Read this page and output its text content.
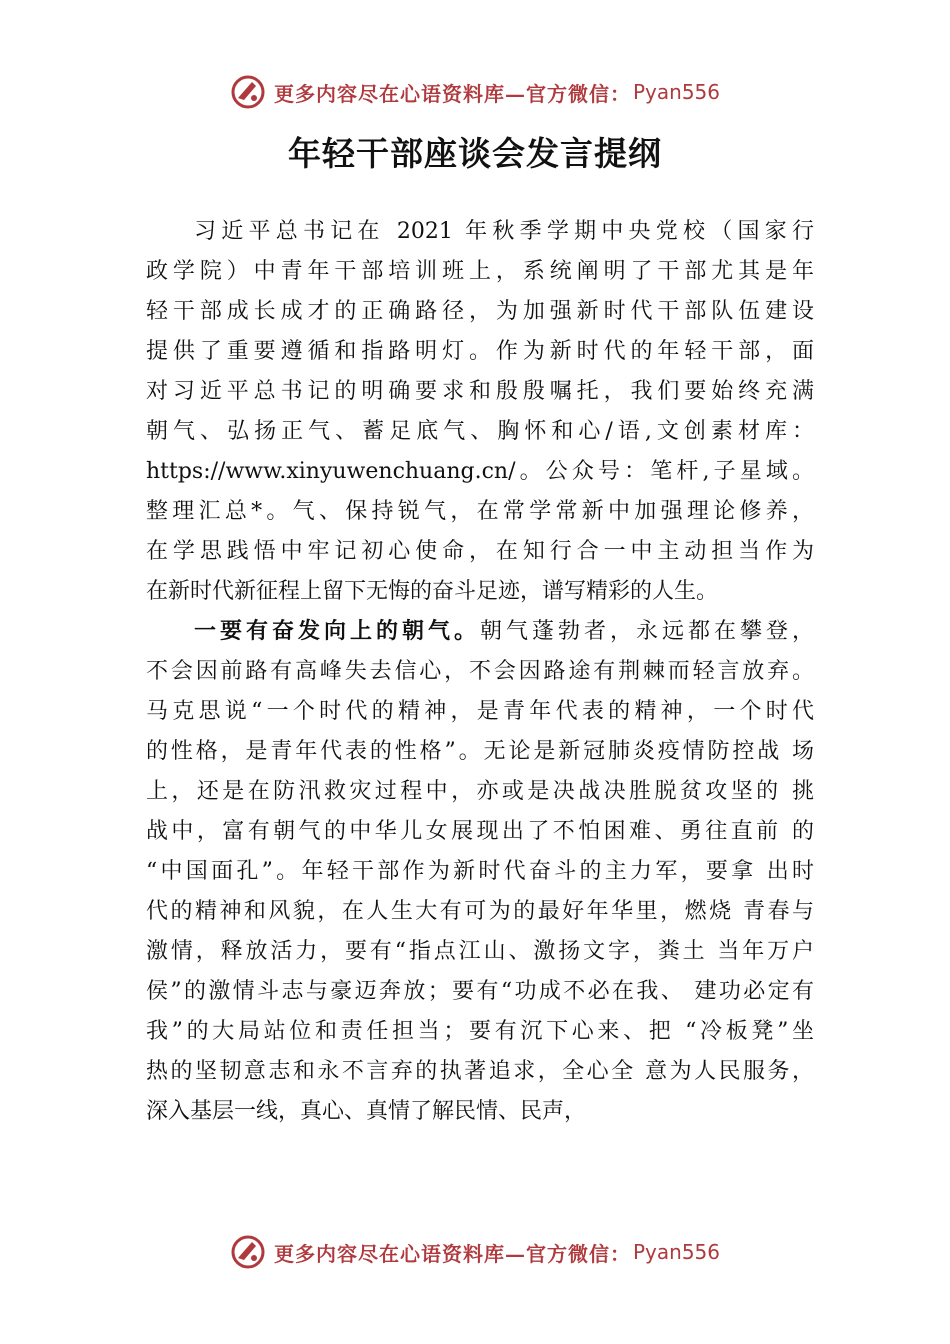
更多内容尽在心语资料库—官方微信： Pyan556
年轻干部座谈会发言提纲
习近平总书记在 2021 年秋季学期中央党校（国家行
政学院）中青年干部培训班上，系统阐明了干部尤其是年
轻干部成长成才的正确路径，为加强新时代干部队伍建设
提供了重要遵循和指路明灯。作为新时代的年轻干部，面
对习近平总书记的明确要求和殷殷嘱托，我们要始终充满
朝气、弘扬正气、蓄足底气、胸怀和心/语,文创素材库：
https://www.xinyuwenchuang.cn/。公众号：笔杆,子星域。
整理汇总*。气、保持锐气，在常学常新中加强理论修养，
在学思践悟中牢记初心使命，在知行合一中主动担当作为
在新时代新征程上留下无悔的奋斗足迹，谱写精彩的人生。
一要有奋发向上的朝气。朝气蓬勃者，永远都在攀登，
不会因前路有高峰失去信心，不会因路途有荆棘而轻言放弃。
马克思说“一个时代的精神，是青年代表的精神，一个时代
的性格，是青年代表的性格”。无论是新冠肺炎疫情防控战 场
上，还是在防汛救灾过程中，亦或是决战决胜脱贫攻坚的 挑
战中，富有朝气的中华儿女展现出了不怕困难、勇往直前 的
“中国面孔”。年轻干部作为新时代奋斗的主力军，要拿 出时
代的精神和风貌，在人生大有可为的最好年华里，燃烧 青春与
激情，释放活力，要有“指点江山、激扬文字，粪土 当年万户
侯”的激情斗志与豪迈奔放；要有“功成不必在我、 建功必定有
我”的大局站位和责任担当；要有沉下心来、把 “冷板凳”坐
热的坚韧意志和永不言弃的执著追求，全心全 意为人民服务，
深入基层一线，真心、真情了解民情、民声，
更多内容尽在心语资料库—官方微信： Pyan556
